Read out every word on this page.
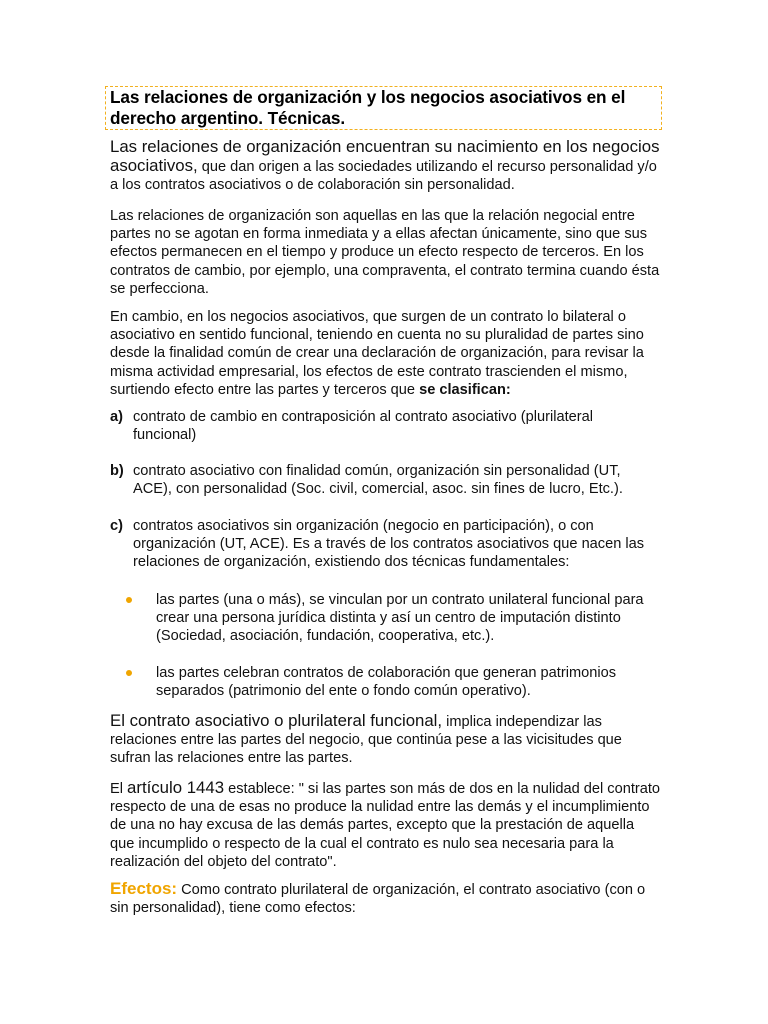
Las relaciones de organización y los negocios asociativos en el derecho argentino. Técnicas.
Las relaciones de organización encuentran su nacimiento en los negocios asociativos, que dan origen a las sociedades utilizando el recurso personalidad y/o a los contratos asociativos o de colaboración sin personalidad.
Las relaciones de organización son aquellas en las que la relación negocial entre partes no se agotan en forma inmediata y a ellas afectan únicamente, sino que sus efectos permanecen en el tiempo y produce un efecto respecto de terceros. En los contratos de cambio, por ejemplo, una compraventa, el contrato termina cuando ésta se perfecciona.
En cambio, en los negocios asociativos, que surgen de un contrato lo bilateral o asociativo en sentido funcional, teniendo en cuenta no su pluralidad de partes sino desde la finalidad común de crear una declaración de organización, para revisar la misma actividad empresarial, los efectos de este contrato trascienden el mismo, surtiendo efecto entre las partes y terceros que se clasifican:
a) contrato de cambio en contraposición al contrato asociativo (plurilateral funcional)
b) contrato asociativo con finalidad común, organización sin personalidad (UT, ACE), con personalidad (Soc. civil, comercial, asoc. sin fines de lucro, Etc.).
c) contratos asociativos sin organización (negocio en participación), o con organización (UT, ACE). Es a través de los contratos asociativos que nacen las relaciones de organización, existiendo dos técnicas fundamentales:
las partes (una o más), se vinculan por un contrato unilateral funcional para crear una persona jurídica distinta y así un centro de imputación distinto (Sociedad, asociación, fundación, cooperativa, etc.).
las partes celebran contratos de colaboración que generan patrimonios separados (patrimonio del ente o fondo común operativo).
El contrato asociativo o plurilateral funcional, implica independizar las relaciones entre las partes del negocio, que continúa pese a las vicisitudes que sufran las relaciones entre las partes.
El artículo 1443 establece: " si las partes son más de dos en la nulidad del contrato respecto de una de esas no produce la nulidad entre las demás y el incumplimiento de una no hay excusa de las demás partes, excepto que la prestación de aquella que incumplido o respecto de la cual el contrato es nulo sea necesaria para la realización del objeto del contrato".
Efectos: Como contrato plurilateral de organización, el contrato asociativo (con o sin personalidad), tiene como efectos:
